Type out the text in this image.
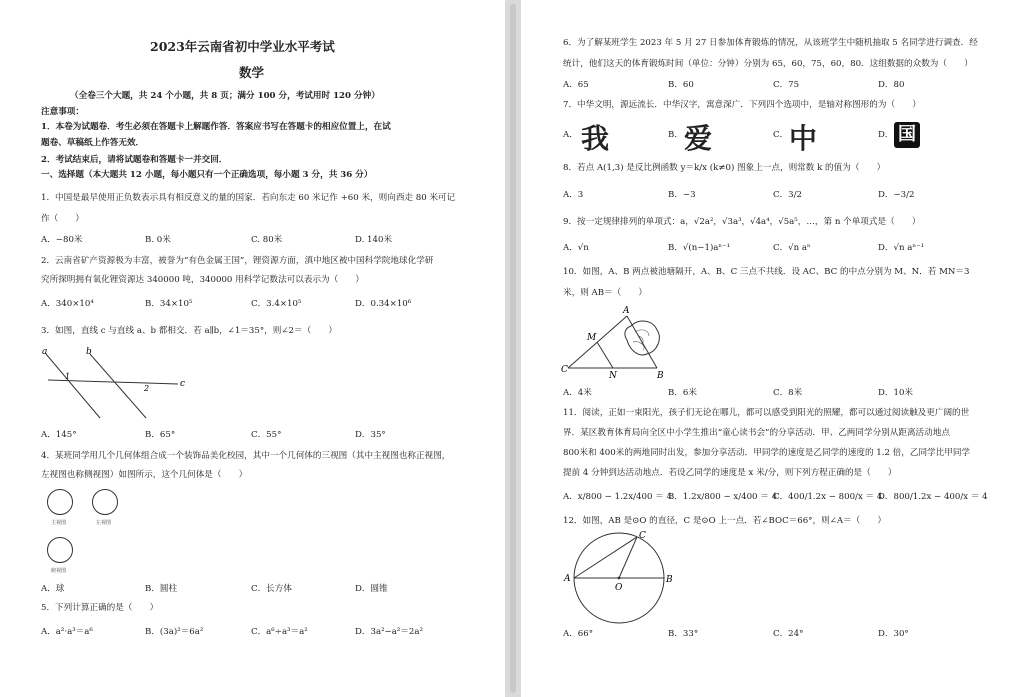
2023年云南省初中学业水平考试
数学
（全卷三个大题，共 24 个小题，共 8 页；满分 100 分，考试用时 120 分钟）
注意事项：
1．本卷为试题卷．考生必须在答题卡上解题作答．答案应书写在答题卡的相应位置上，在试
题卷、草稿纸上作答无效．
2．考试结束后，请将试题卷和答题卡一并交回．
一、选择题（本大题共 12 小题，每小题只有一个正确选项，每小题 3 分，共 36 分）
1．中国是最早使用正负数表示具有相反意义的量的国家．若向东走 60 米记作 +60 米，则向西走 80 米可记
作（　　）
A．−80米	B. 0米	C. 80米	D. 140米
2．云南省矿产资源极为丰富，被誉为“有色金属王国”，锂资源方面，滇中地区被中国科学院地球化学研
究所探明拥有氧化锂资源达 340000 吨，340000 用科学记数法可以表示为（　　）
A．340×10⁴	B．34×10⁵	C．3.4×10⁵	D．0.34×10⁶
3．如图，直线 c 与直线 a、b 都相交．若 a∥b，∠1＝35°，则∠2＝（　　）
a	b
1
2	c
A．145°	B．65°	C．55°	D．35°
4．某班同学用几个几何体组合成一个装饰品美化校园，其中一个几何体的三视图（其中主视图也称正视图，
左视图也称侧视图）如图所示，这个几何体是（　　）
主视图	左视图
俯视图
A．球	B．圆柱	C．长方体	D．圆锥
5．下列计算正确的是（　　）
A．a²·a³＝a⁶	B．(3a)²＝6a²	C．a⁶÷a³＝a²	D．3a²−a²＝2a²
6．为了解某班学生 2023 年 5 月 27 日参加体育锻炼的情况，从该班学生中随机抽取 5 名同学进行调查．经
统计，他们这天的体育锻炼时间（单位：分钟）分别为 65，60，75，60，80．这组数据的众数为（　　）
A．65	B．60	C．75	D．80
7．中华文明，源远流长．中华汉字，寓意深广．下列四个选项中，是轴对称图形的为（　　）
A． 我	B． 爱	C． 中	D． 国
8．若点 A(1,3) 是反比例函数 y＝k/x (k≠0) 图象上一点，则常数 k 的值为（　　）
A．3	B．−3	C．3/2	D．−3/2
9．按一定规律排列的单项式：a，√2a²，√3a³，√4a⁴，√5a⁵，…，第 n 个单项式是（　　）
A．√n	B．√(n−1)aⁿ⁻¹	C．√n aⁿ	D．√n aⁿ⁻¹
10．如图，A、B 两点被池塘隔开，A、B、C 三点不共线．设 AC、BC 的中点分别为 M、N．若 MN＝3
米，则 AB＝（　　）
A
M
C
N	B
A．4米	B．6米	C．8米	D．10米
11．阅读，正如一束阳光，孩子们无论在哪儿，都可以感受到阳光的照耀，都可以通过阅读触及更广阔的世
界．某区教育体育局向全区中小学生推出“童心读书会”的分享活动．甲、乙两同学分别从距离活动地点
800米和 400米的两地同时出发，参加分享活动．甲同学的速度是乙同学的速度的 1.2 倍，乙同学比甲同学
提前 4 分钟到达活动地点．若设乙同学的速度是 x 米/分，则下列方程正确的是（　　）
A．x/800 − 1.2x/400 ＝ 4
B．1.2x/800 − x/400 ＝ 4
C．400/1.2x − 800/x ＝ 4
D．800/1.2x − 400/x ＝ 4
12．如图，AB 是⊙O 的直径，C 是⊙O 上一点．若∠BOC＝66°，则∠A＝（　　）
C
A	B
O
A．66°	B．33°	C．24°	D．30°
